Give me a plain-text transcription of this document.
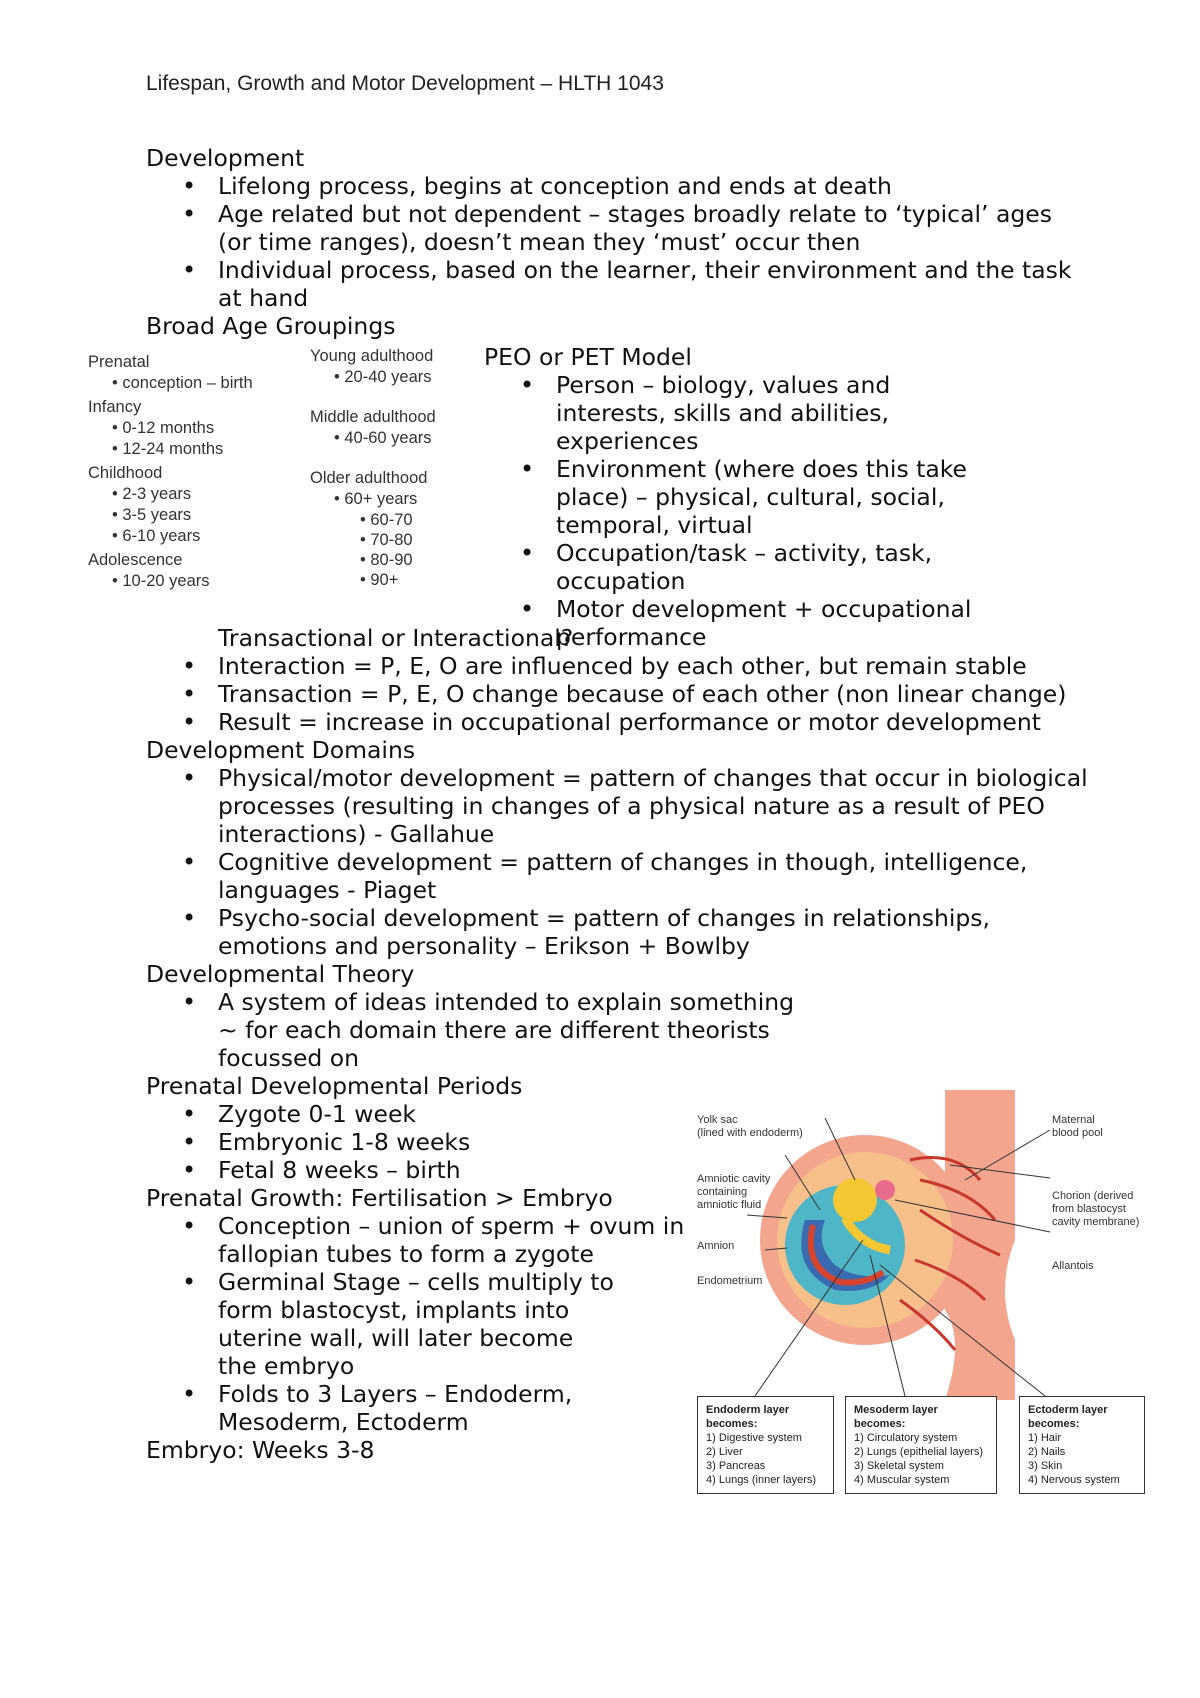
Lifespan, Growth and Motor Development – HLTH 1043
Development
• Lifelong process, begins at conception and ends at death
• Age related but not dependent – stages broadly relate to ‘typical’ ages (or time ranges), doesn’t mean they ‘must’ occur then
• Individual process, based on the learner, their environment and the task at hand
Broad Age Groupings
Prenatal
• conception – birth
Infancy
• 0-12 months
• 12-24 months
Childhood
• 2-3 years
• 3-5 years
• 6-10 years
Adolescence
• 10-20 years
Young adulthood
• 20-40 years
Middle adulthood
• 40-60 years
Older adulthood
• 60+ years
• 60-70
• 70-80
• 80-90
• 90+
PEO or PET Model
• Person – biology, values and interests, skills and abilities, experiences
• Environment (where does this take place) – physical, cultural, social, temporal, virtual
• Occupation/task – activity, task, occupation
• Motor development + occupational performance
Transactional or Interactional?
• Interaction = P, E, O are influenced by each other, but remain stable
• Transaction = P, E, O change because of each other (non linear change)
• Result = increase in occupational performance or motor development
Development Domains
• Physical/motor development = pattern of changes that occur in biological processes (resulting in changes of a physical nature as a result of PEO interactions) - Gallahue
• Cognitive development = pattern of changes in though, intelligence, languages - Piaget
• Psycho-social development = pattern of changes in relationships, emotions and personality – Erikson + Bowlby
Developmental Theory
• A system of ideas intended to explain something ~ for each domain there are different theorists focussed on
Prenatal Developmental Periods
• Zygote 0-1 week
• Embryonic 1-8 weeks
• Fetal 8 weeks – birth
Prenatal Growth: Fertilisation > Embryo
• Conception – union of sperm + ovum in fallopian tubes to form a zygote
• Germinal Stage – cells multiply to form blastocyst, implants into uterine wall, will later become the embryo
• Folds to 3 Layers – Endoderm, Mesoderm, Ectoderm
Embryo: Weeks 3-8
Yolk sac
(lined with endoderm)
Amniotic cavity
containing
amniotic fluid
Amnion
Endometrium
Maternal
blood pool
Chorion (derived
from blastocyst
cavity membrane)
Allantois
Endoderm layer becomes:
1) Digestive system
2) Liver
3) Pancreas
4) Lungs (inner layers)
Mesoderm layer becomes:
1) Circulatory system
2) Lungs (epithelial layers)
3) Skeletal system
4) Muscular system
Ectoderm layer becomes:
1) Hair
2) Nails
3) Skin
4) Nervous system
